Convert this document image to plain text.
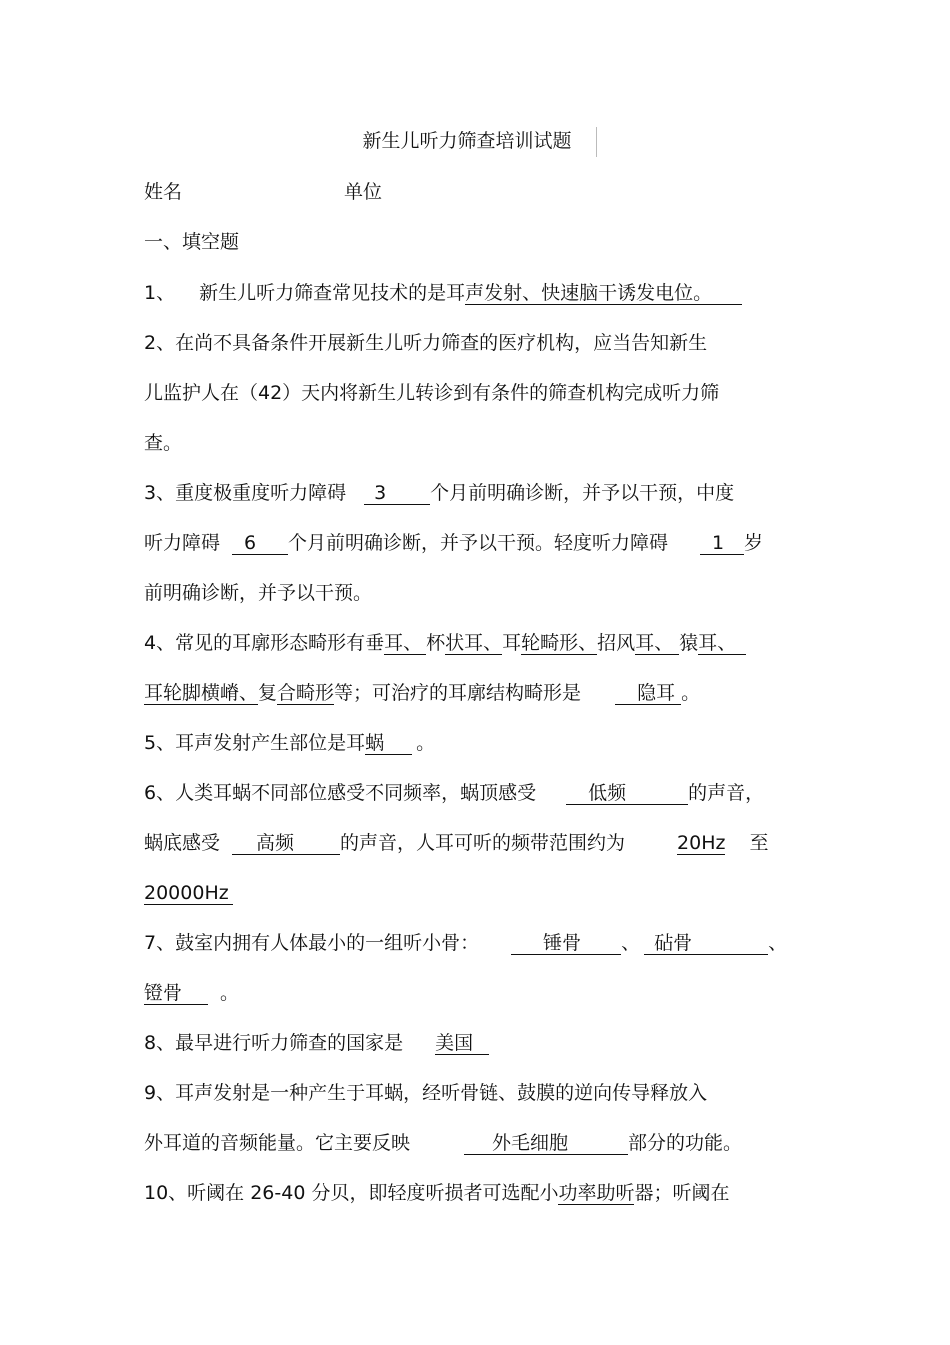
新生儿听力筛查培训试题
姓名	单位
一、填空题
1、 新生儿听力筛查常见技术的是耳声发射、快速脑干诱发电位。
2、在尚不具备条件开展新生儿听力筛查的医疗机构，应当告知新生
儿监护人在（42）天内将新生儿转诊到有条件的筛查机构完成听力筛
查。
3、重度极重度听力障碍 3 个月前明确诊断，并予以干预，中度
听力障碍 6 个月前明确诊断，并予以干预。轻度听力障碍 1 岁
前明确诊断，并予以干预。
4、常见的耳廓形态畸形有垂耳、 杯状耳、耳轮畸形、招风耳、 猿耳、
耳轮脚横嵴、复合畸形等；可治疗的耳廓结构畸形是	隐耳 。
5、耳声发射产生部位是耳蜗 。
6、人类耳蜗不同部位感受不同频率，蜗顶感受	低频	的声音，
蜗底感受 高频 的声音，人耳可听的频带范围约为	20Hz 至
20000Hz
7、鼓室内拥有人体最小的一组听小骨：	锤骨 、 砧骨	、
镫骨 。
8、最早进行听力筛查的国家是 美国
9、耳声发射是一种产生于耳蜗，经听骨链、鼓膜的逆向传导释放入
外耳道的音频能量。它主要反映	外毛细胞	部分的功能。
10、听阈在 26-40 分贝，即轻度听损者可选配小功率助听器；听阈在
